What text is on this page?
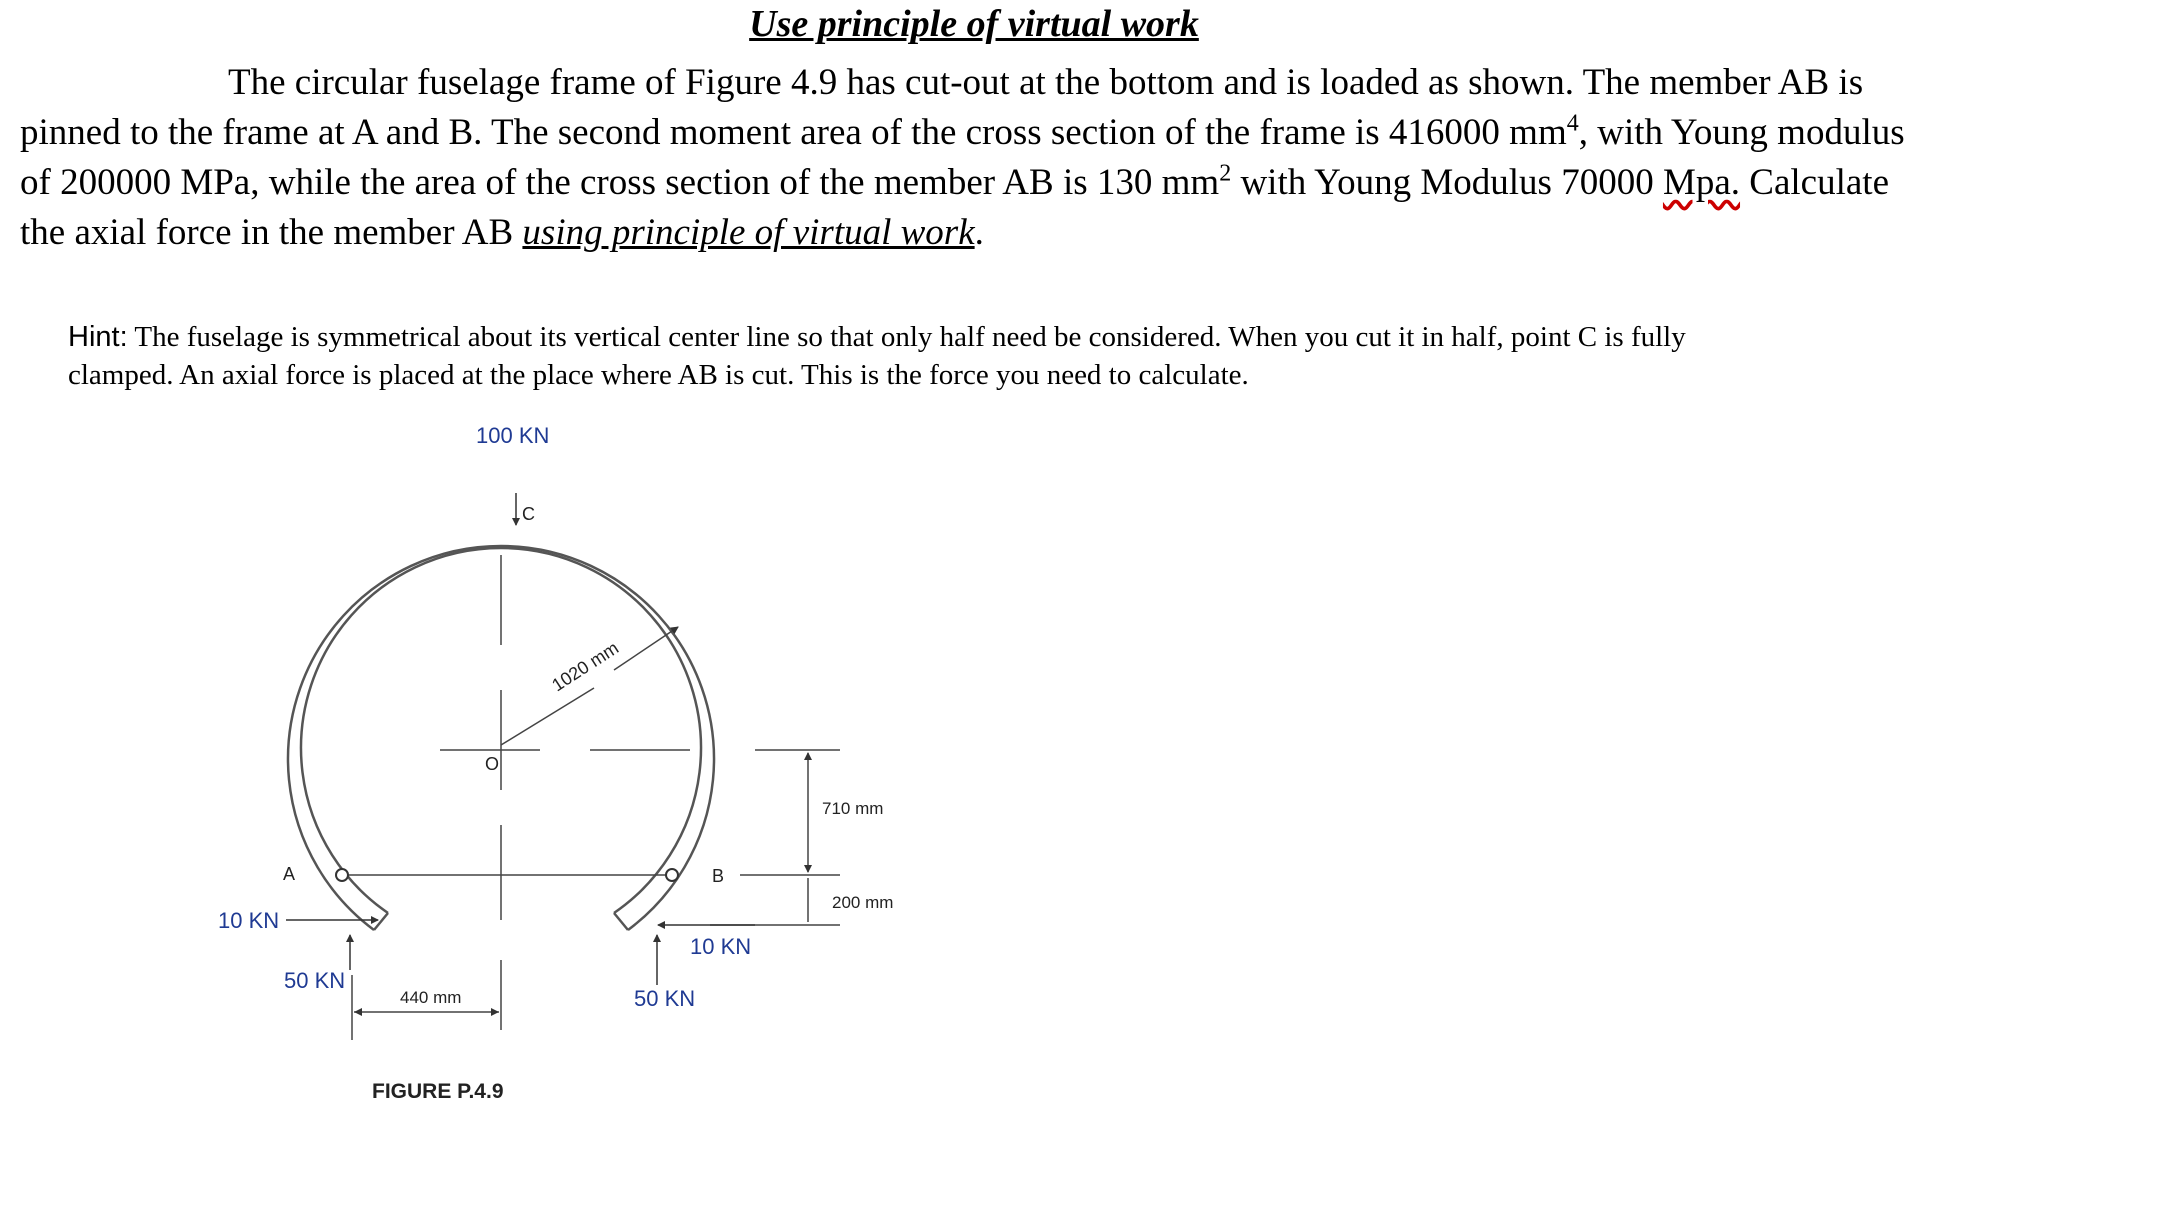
Use principle of virtual work
The circular fuselage frame of Figure 4.9 has cut-out at the bottom and is loaded as shown. The member AB is
pinned to the frame at A and B. The second moment area of the cross section of the frame is 416000 $mm^4$, with Young modulus
of 200000 MPa, while the area of the cross section of the member AB is 130 $mm^2$ with Young Modulus 70000 Mpa. Calculate
the axial force in the member AB using principle of virtual work.
Hint: The fuselage is symmetrical about its vertical center line so that only half need be considered. When you cut it in half, point C is fully
clamped. An axial force is placed at the place where AB is cut. This is the force you need to calculate.
1020 mm
A	B
C
O
100 KN
710 mm
200 mm
440 mm
10 KN
50 KN
10 KN
50 KN
FIGURE P.4.9
